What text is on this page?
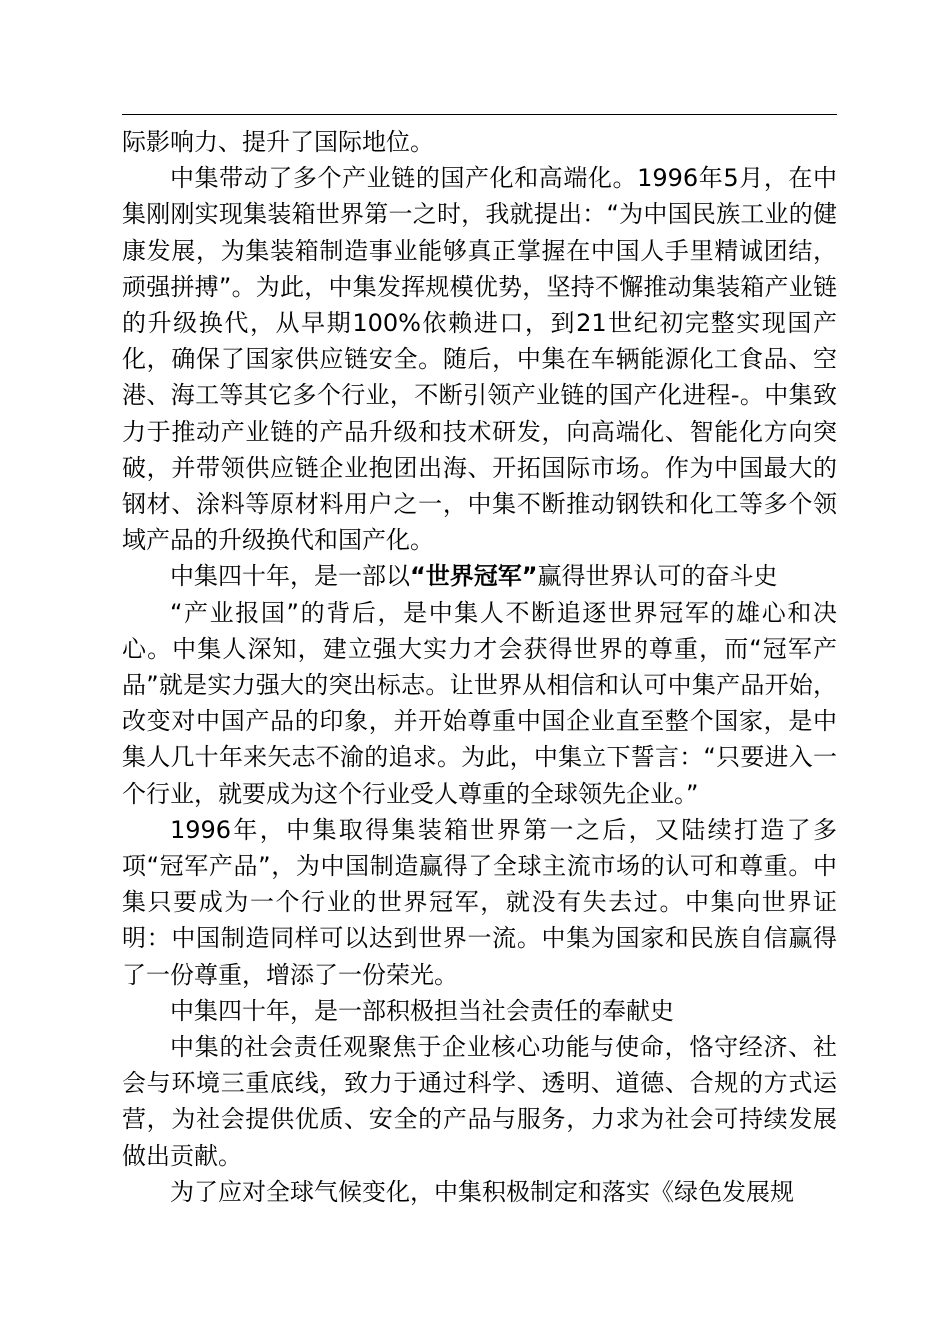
际影响力、提升了国际地位。

中集带动了多个产业链的国产化和高端化。1996年5月，在中集刚刚实现集装箱世界第一之时，我就提出：“为中国民族工业的健康发展，为集装箱制造事业能够真正掌握在中国人手里精诚团结，顽强拼搏”。为此，中集发挥规模优势，坚持不懈推动集装箱产业链的升级换代，从早期100%依赖进口，到21世纪初完整实现国产化，确保了国家供应链安全。随后，中集在车辆能源化工食品、空港、海工等其它多个行业，不断引领产业链的国产化进程-。中集致力于推动产业链的产品升级和技术研发，向高端化、智能化方向突破，并带领供应链企业抱团出海、开拓国际市场。作为中国最大的钢材、涂料等原材料用户之一，中集不断推动钢铁和化工等多个领域产品的升级换代和国产化。

中集四十年，是一部以“世界冠军”赢得世界认可的奋斗史

“产业报国”的背后，是中集人不断追逐世界冠军的雄心和决心。中集人深知，建立强大实力才会获得世界的尊重，而“冠军产品”就是实力强大的突出标志。让世界从相信和认可中集产品开始，改变对中国产品的印象，并开始尊重中国企业直至整个国家，是中集人几十年来矢志不渝的追求。为此，中集立下誓言：“只要进入一个行业，就要成为这个行业受人尊重的全球领先企业。”

1996年，中集取得集装箱世界第一之后，又陆续打造了多项“冠军产品”，为中国制造赢得了全球主流市场的认可和尊重。中集只要成为一个行业的世界冠军，就没有失去过。中集向世界证明：中国制造同样可以达到世界一流。中集为国家和民族自信赢得了一份尊重，增添了一份荣光。

中集四十年，是一部积极担当社会责任的奉献史

中集的社会责任观聚焦于企业核心功能与使命，恪守经济、社会与环境三重底线，致力于通过科学、透明、道德、合规的方式运营，为社会提供优质、安全的产品与服务，力求为社会可持续发展做出贡献。

为了应对全球气候变化，中集积极制定和落实《绿色发展规
